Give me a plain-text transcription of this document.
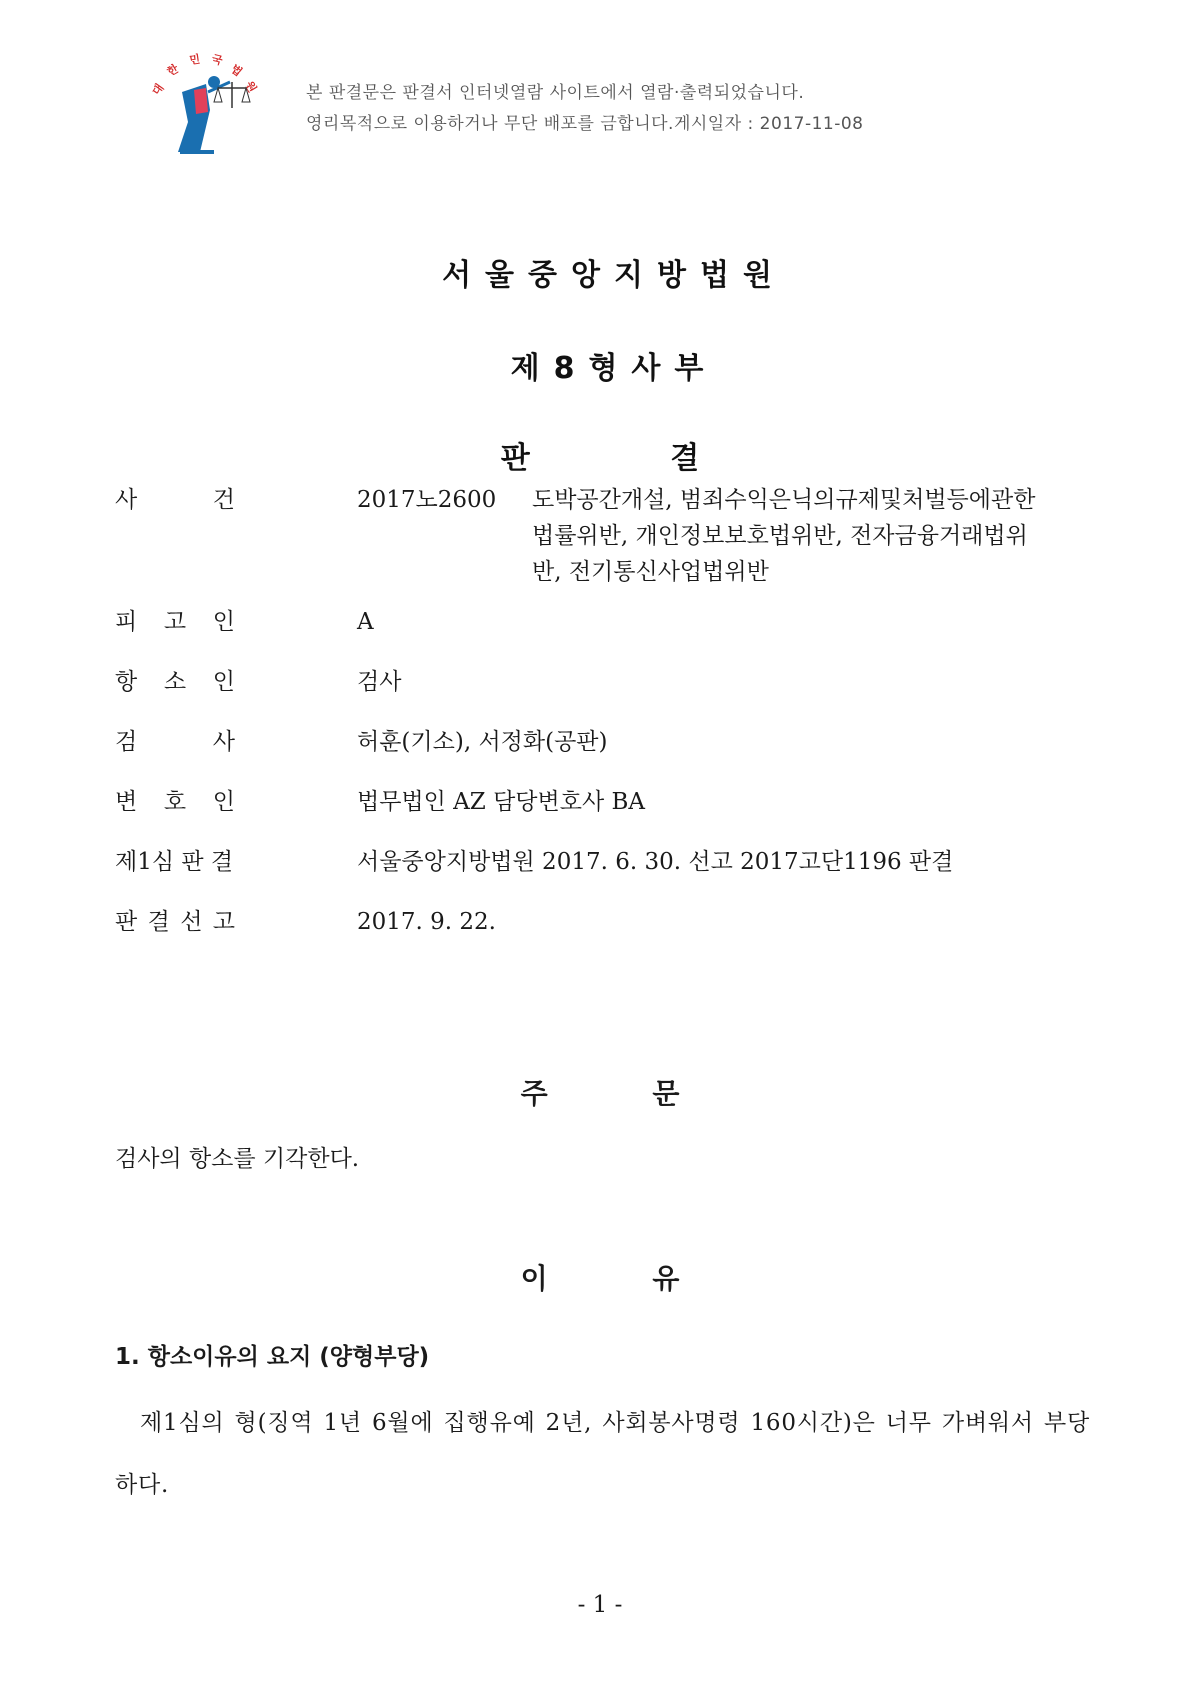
대
한
민 국
법
원	본 판결문은 판결서 인터넷열람 사이트에서 열람·출력되었습니다.
영리목적으로 이용하거나 무단 배포를 금합니다.게시일자 : 2017-11-08
서울중앙지방법원
제8형사부
판 결
사	건	2017노2600 도박공간개설, 범죄수익은닉의규제및처벌등에관한
법률위반, 개인정보보호법위반, 전자금융거래법위
반, 전기통신사업법위반
피 고 인	A
항 소 인	검사
검	사	허훈(기소), 서정화(공판)
변 호 인	법무법인 AZ 담당변호사 BA
제1심 판 결	서울중앙지방법원 2017. 6. 30. 선고 2017고단1196 판결
판 결 선 고	2017. 9. 22.
주 문
검사의 항소를 기각한다.
이 유
1. 항소이유의 요지 (양형부당)
제1심의 형(징역 1년 6월에 집행유예 2년, 사회봉사명령 160시간)은 너무 가벼워서 부당하다.
- 1 -
